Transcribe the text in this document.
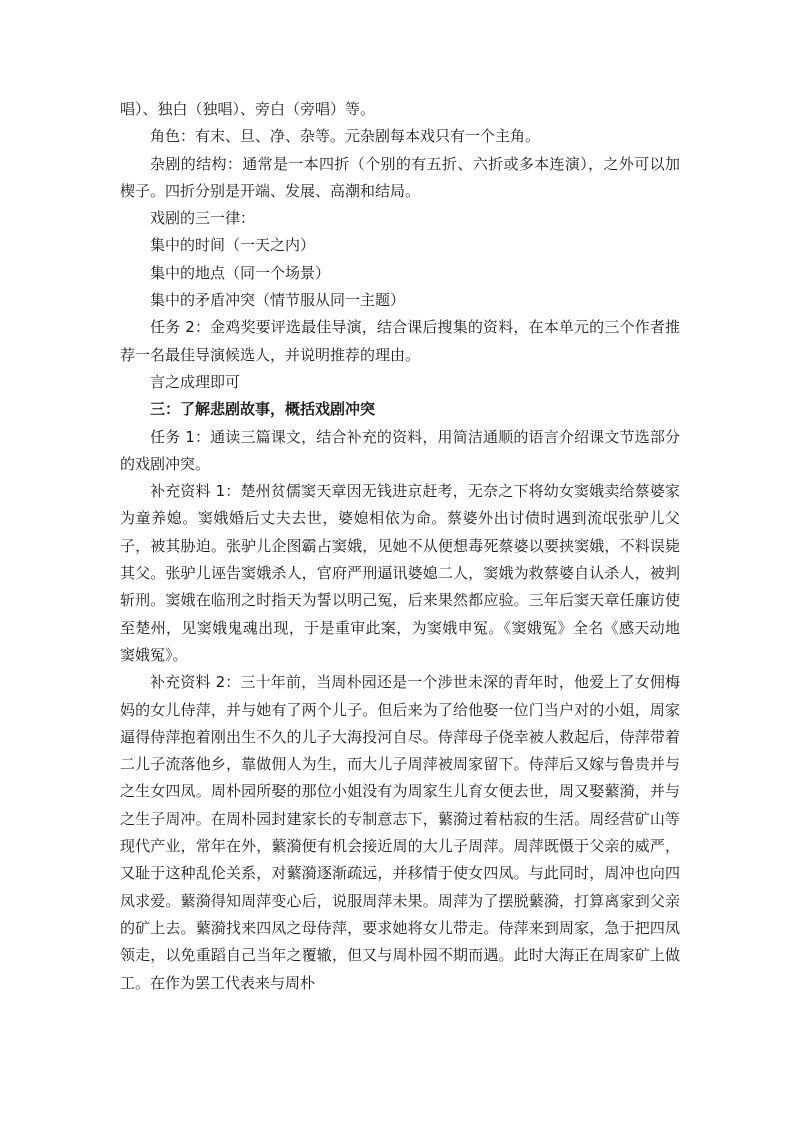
唱）、独白（独唱）、旁白（旁唱）等。

角色：有末、旦、净、杂等。元杂剧每本戏只有一个主角。

杂剧的结构：通常是一本四折（个别的有五折、六折或多本连演），之外可以加楔子。四折分别是开端、发展、高潮和结局。

戏剧的三一律：

集中的时间（一天之内）

集中的地点（同一个场景）

集中的矛盾冲突（情节服从同一主题）

任务 2：金鸡奖要评选最佳导演，结合课后搜集的资料，在本单元的三个作者推荐一名最佳导演候选人，并说明推荐的理由。

言之成理即可

三：了解悲剧故事，概括戏剧冲突

任务 1：通读三篇课文，结合补充的资料，用简洁通顺的语言介绍课文节选部分的戏剧冲突。

补充资料 1：楚州贫儒窦天章因无钱进京赶考，无奈之下将幼女窦娥卖给蔡婆家为童养媳。窦娥婚后丈夫去世，婆媳相依为命。蔡婆外出讨债时遇到流氓张驴儿父子，被其胁迫。张驴儿企图霸占窦娥，见她不从便想毒死蔡婆以要挟窦娥，不料误毙其父。张驴儿诬告窦娥杀人，官府严刑逼讯婆媳二人，窦娥为救蔡婆自认杀人，被判斩刑。窦娥在临刑之时指天为誓以明己冤，后来果然都应验。三年后窦天章任廉访使至楚州，见窦娥鬼魂出现，于是重审此案，为窦娥申冤。《窦娥冤》全名《感天动地窦娥冤》。

补充资料 2：三十年前，当周朴园还是一个涉世未深的青年时，他爱上了女佣梅妈的女儿侍萍，并与她有了两个儿子。但后来为了给他娶一位门当户对的小姐，周家逼得侍萍抱着刚出生不久的儿子大海投河自尽。侍萍母子侥幸被人救起后，侍萍带着二儿子流落他乡，靠做佣人为生，而大儿子周萍被周家留下。侍萍后又嫁与鲁贵并与之生女四凤。周朴园所娶的那位小姐没有为周家生儿育女便去世，周又娶蘩漪，并与之生子周冲。在周朴园封建家长的专制意志下，蘩漪过着枯寂的生活。周经营矿山等现代产业，常年在外，蘩漪便有机会接近周的大儿子周萍。周萍既慑于父亲的威严，又耻于这种乱伦关系，对蘩漪逐渐疏远，并移情于使女四凤。与此同时，周冲也向四凤求爱。蘩漪得知周萍变心后，说服周萍未果。周萍为了摆脱蘩漪，打算离家到父亲的矿上去。蘩漪找来四凤之母侍萍，要求她将女儿带走。侍萍来到周家，急于把四凤领走，以免重蹈自己当年之覆辙，但又与周朴园不期而遇。此时大海正在周家矿上做工。在作为罢工代表来与周朴
